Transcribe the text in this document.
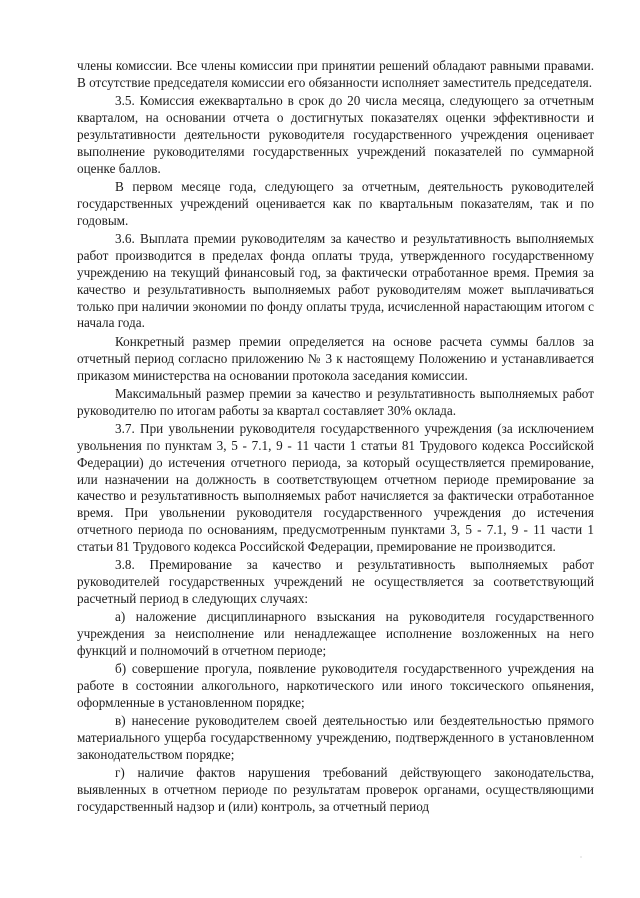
члены комиссии. Все члены комиссии при принятии решений обладают равными правами. В отсутствие председателя комиссии его обязанности исполняет заместитель председателя.

3.5. Комиссия ежеквартально в срок до 20 числа месяца, следующего за отчетным кварталом, на основании отчета о достигнутых показателях оценки эффективности и результативности деятельности руководителя государственного учреждения оценивает выполнение руководителями государственных учреждений показателей по суммарной оценке баллов.

В первом месяце года, следующего за отчетным, деятельность руководителей государственных учреждений оценивается как по квартальным показателям, так и по годовым.

3.6. Выплата премии руководителям за качество и результативность выполняемых работ производится в пределах фонда оплаты труда, утвержденного государственному учреждению на текущий финансовый год, за фактически отработанное время. Премия за качество и результативность выполняемых работ руководителям может выплачиваться только при наличии экономии по фонду оплаты труда, исчисленной нарастающим итогом с начала года.

Конкретный размер премии определяется на основе расчета суммы баллов за отчетный период согласно приложению № 3 к настоящему Положению и устанавливается приказом министерства на основании протокола заседания комиссии.

Максимальный размер премии за качество и результативность выполняемых работ руководителю по итогам работы за квартал составляет 30% оклада.

3.7. При увольнении руководителя государственного учреждения (за исключением увольнения по пунктам 3, 5 - 7.1, 9 - 11 части 1 статьи 81 Трудового кодекса Российской Федерации) до истечения отчетного периода, за который осуществляется премирование, или назначении на должность в соответствующем отчетном периоде премирование за качество и результативность выполняемых работ начисляется за фактически отработанное время. При увольнении руководителя государственного учреждения до истечения отчетного периода по основаниям, предусмотренным пунктами 3, 5 - 7.1, 9 - 11 части 1 статьи 81 Трудового кодекса Российской Федерации, премирование не производится.

3.8. Премирование за качество и результативность выполняемых работ руководителей государственных учреждений не осуществляется за соответствующий расчетный период в следующих случаях:

а) наложение дисциплинарного взыскания на руководителя государственного учреждения за неисполнение или ненадлежащее исполнение возложенных на него функций и полномочий в отчетном периоде;

б) совершение прогула, появление руководителя государственного учреждения на работе в состоянии алкогольного, наркотического или иного токсического опьянения, оформленные в установленном порядке;

в) нанесение руководителем своей деятельностью или бездеятельностью прямого материального ущерба государственному учреждению, подтвержденного в установленном законодательством порядке;

г) наличие фактов нарушения требований действующего законодательства, выявленных в отчетном периоде по результатам проверок органами, осуществляющими государственный надзор и (или) контроль, за отчетный период
